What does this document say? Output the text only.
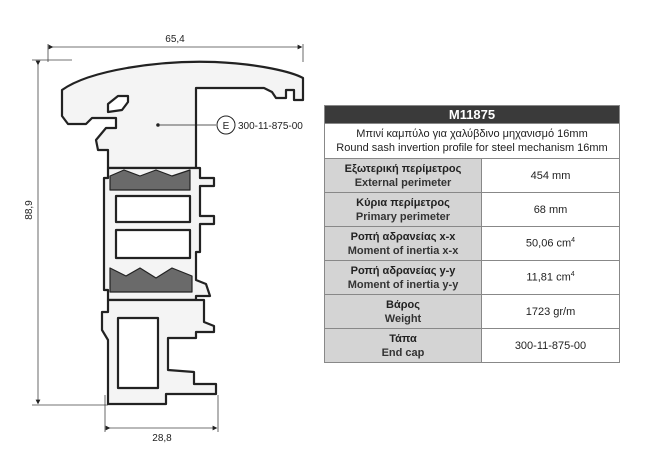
65,4
88,9
28,8
E 300-11-875-00
M11875	

Μπινί καμπύλο για χαλύβδινο μηχανισμό 16mm
Round sash invertion profile for steel mechanism 16mm	

Εξωτερική περίμετρος
External perimeter	454 mm

Κύρια περίμετρος
Primary perimeter	68 mm

Ροπή αδρανείας x-x
Moment of inertia x-x	50,06 $cm^4$

Ροπή αδρανείας y-y
Moment of inertia y-y	11,81 $cm^4$

Βάρος
Weight	1723 gr/m

Τάπα
End cap	300-11-875-00
